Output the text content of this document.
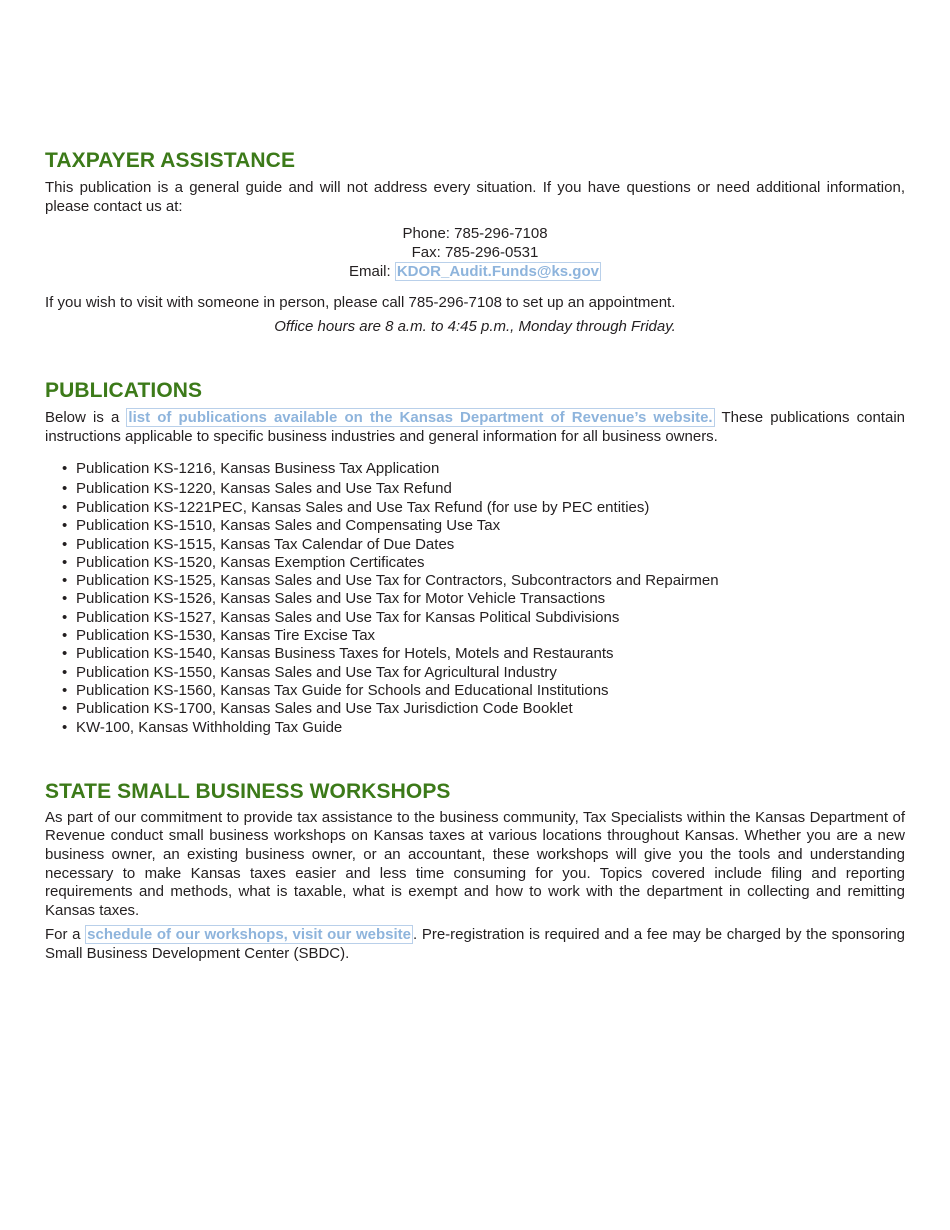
TAXPAYER ASSISTANCE

This publication is a general guide and will not address every situation. If you have questions or need additional information, please contact us at:

Phone: 785-296-7108
Fax: 785-296-0531
Email: KDOR_Audit.Funds@ks.gov

If you wish to visit with someone in person, please call 785-296-7108 to set up an appointment.

Office hours are 8 a.m. to 4:45 p.m., Monday through Friday.
PUBLICATIONS

Below is a list of publications available on the Kansas Department of Revenue’s website. These publications contain instructions applicable to specific business industries and general information for all business owners.

• Publication KS-1216, Kansas Business Tax Application
• Publication KS-1220, Kansas Sales and Use Tax Refund
• Publication KS-1221PEC, Kansas Sales and Use Tax Refund (for use by PEC entities)
• Publication KS-1510, Kansas Sales and Compensating Use Tax
• Publication KS-1515, Kansas Tax Calendar of Due Dates
• Publication KS-1520, Kansas Exemption Certificates
• Publication KS-1525, Kansas Sales and Use Tax for Contractors, Subcontractors and Repairmen
• Publication KS-1526, Kansas Sales and Use Tax for Motor Vehicle Transactions
• Publication KS-1527, Kansas Sales and Use Tax for Kansas Political Subdivisions
• Publication KS-1530, Kansas Tire Excise Tax
• Publication KS-1540, Kansas Business Taxes for Hotels, Motels and Restaurants
• Publication KS-1550, Kansas Sales and Use Tax for Agricultural Industry
• Publication KS-1560, Kansas Tax Guide for Schools and Educational Institutions
• Publication KS-1700, Kansas Sales and Use Tax Jurisdiction Code Booklet
• KW-100, Kansas Withholding Tax Guide
STATE SMALL BUSINESS WORKSHOPS

As part of our commitment to provide tax assistance to the business community, Tax Specialists within the Kansas Department of Revenue conduct small business workshops on Kansas taxes at various locations throughout Kansas. Whether you are a new business owner, an existing business owner, or an accountant, these workshops will give you the tools and understanding necessary to make Kansas taxes easier and less time consuming for you. Topics covered include filing and reporting requirements and methods, what is taxable, what is exempt and how to work with the department in collecting and remitting Kansas taxes.

For a schedule of our workshops, visit our website . Pre-registration is required and a fee may be charged by the sponsoring Small Business Development Center (SBDC).
